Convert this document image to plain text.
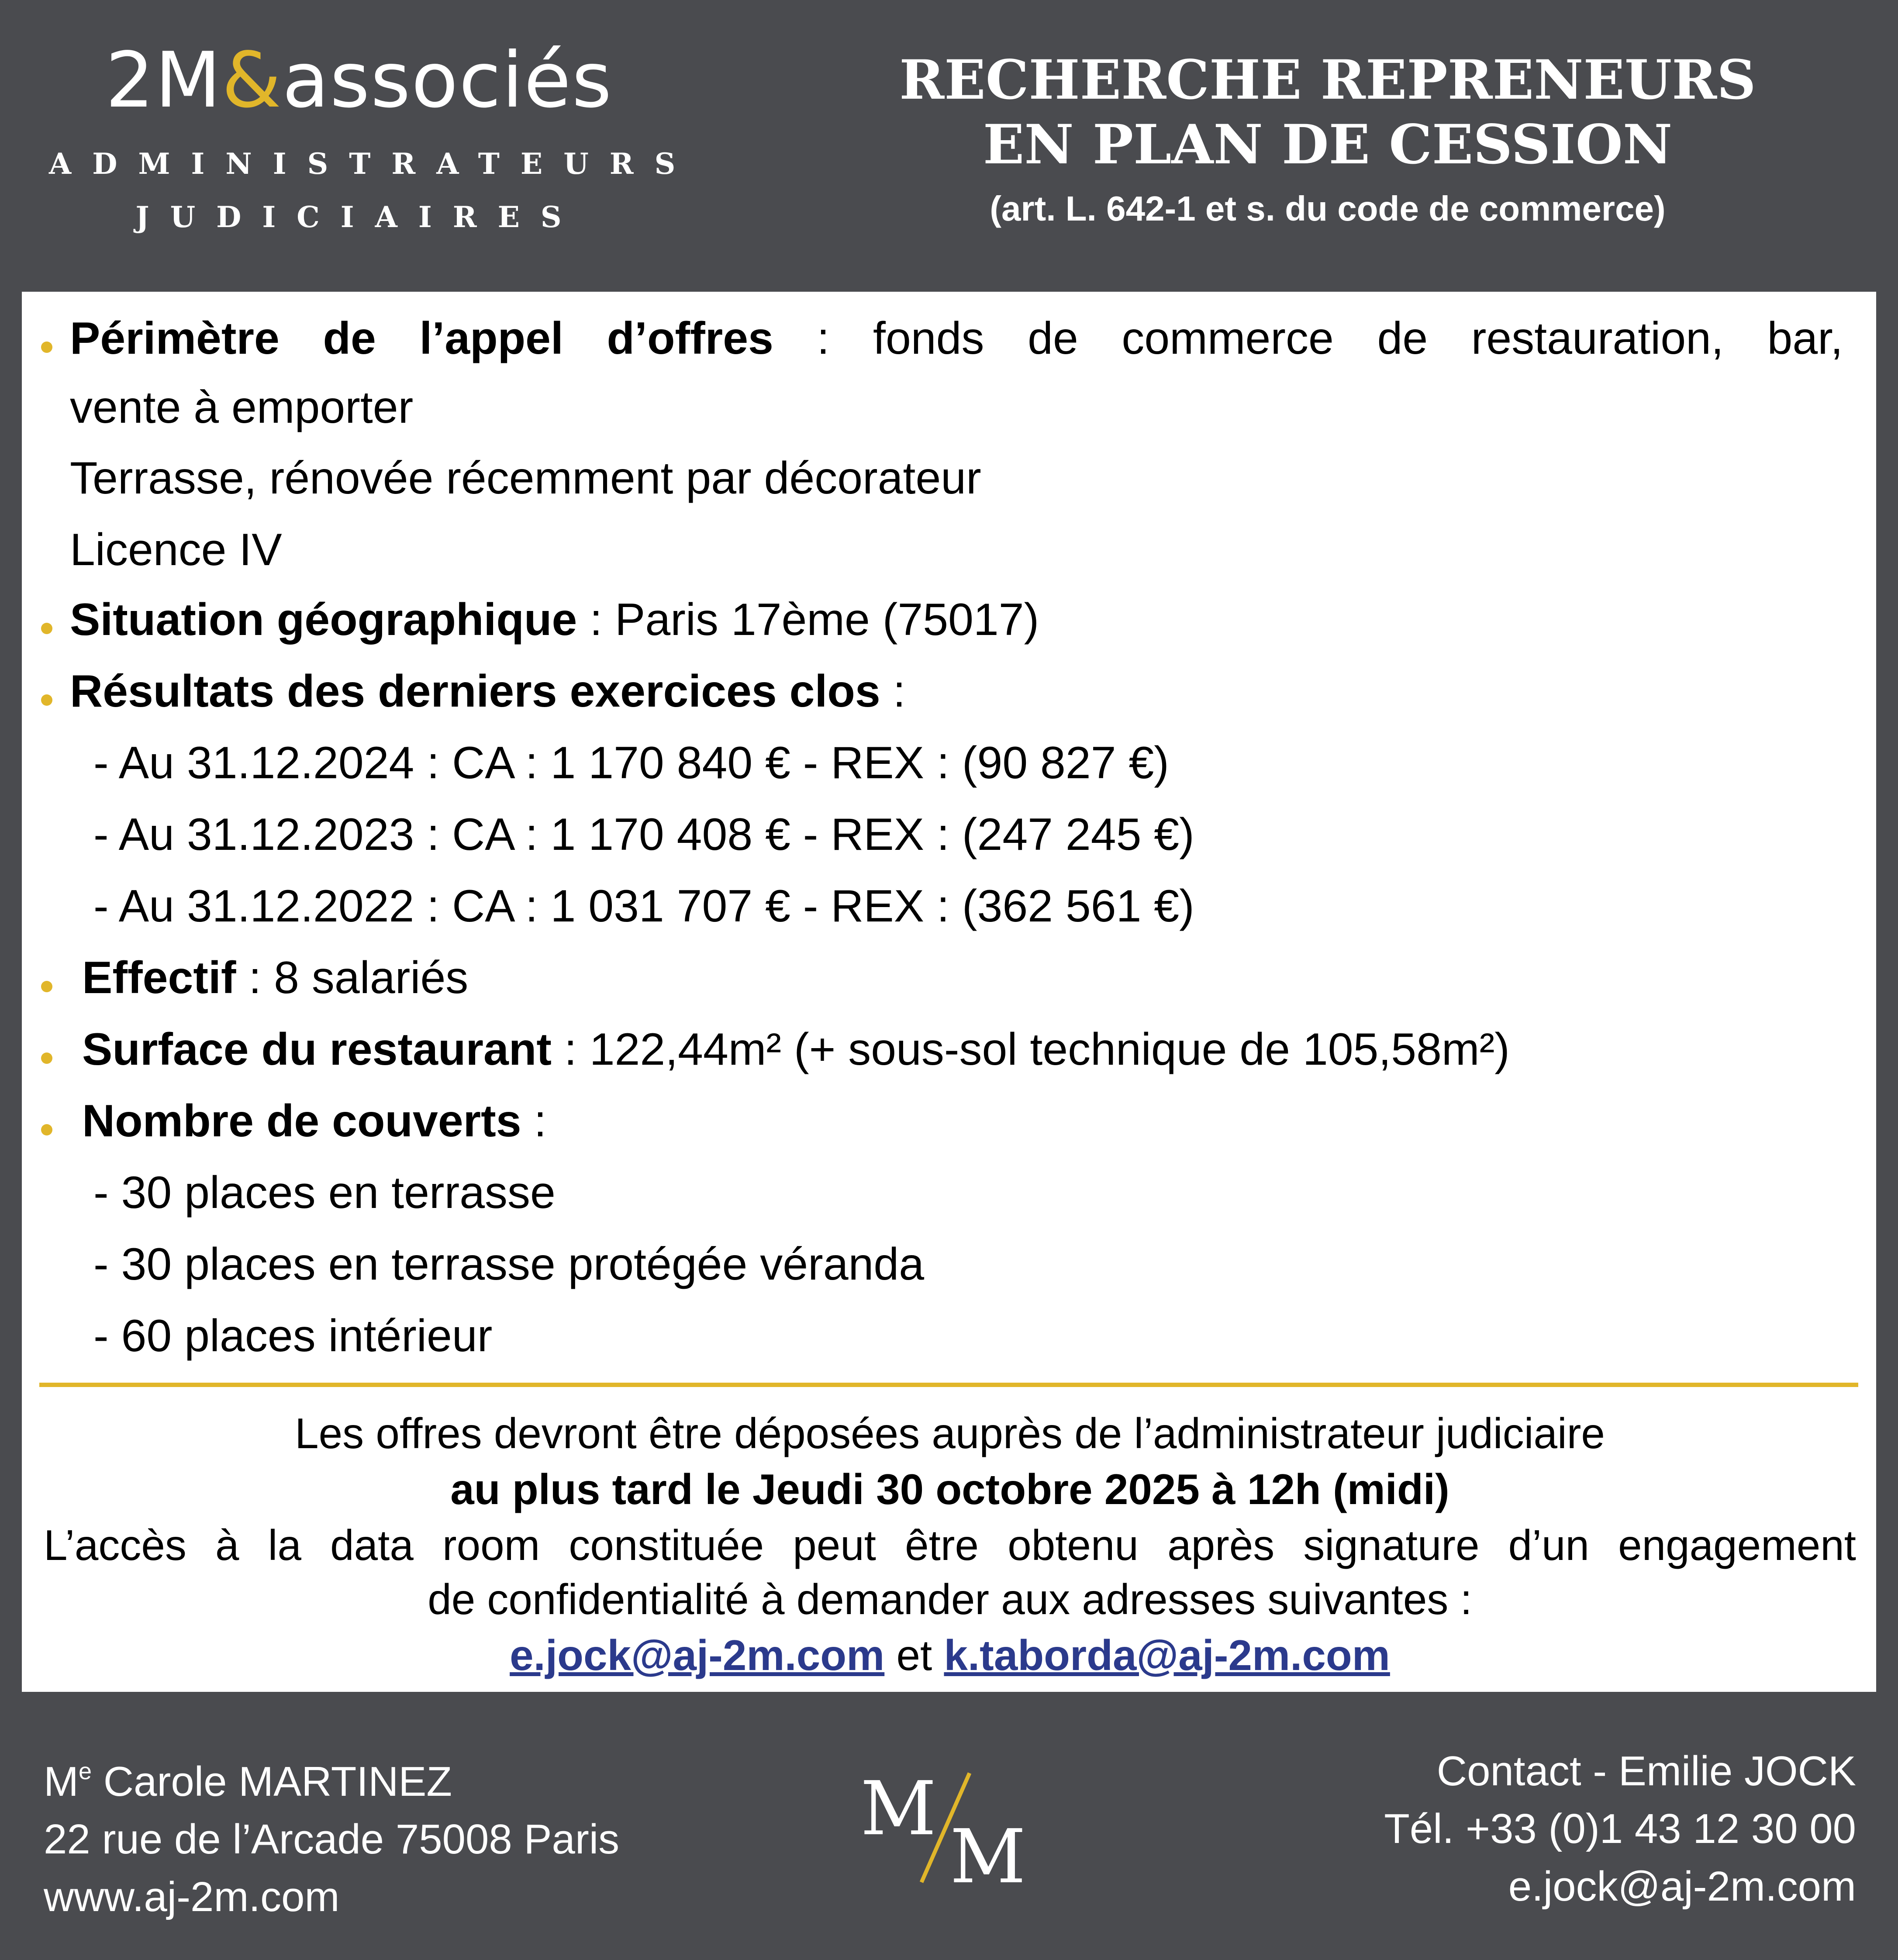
2M&associés
ADMINISTRATEURS
JUDICIAIRES
RECHERCHE REPRENEURS
EN PLAN DE CESSION
(art. L. 642-1 et s. du code de commerce)
Périmètre de l’appel d’offres : fonds de commerce de restauration, bar,
vente à emporter
Terrasse, rénovée récemment par décorateur
Licence IV
Situation géographique : Paris 17ème (75017)
Résultats des derniers exercices clos :
- Au 31.12.2024 : CA : 1 170 840 € - REX : (90 827 €)
- Au 31.12.2023 : CA : 1 170 408 € - REX : (247 245 €)
- Au 31.12.2022 : CA : 1 031 707 € - REX : (362 561 €)
Effectif : 8 salariés
Surface du restaurant : 122,44m² (+ sous-sol technique de 105,58m²)
Nombre de couverts :
- 30 places en terrasse
- 30 places en terrasse protégée véranda
- 60 places intérieur
Les offres devront être déposées auprès de l’administrateur judiciaire
au plus tard le Jeudi 30 octobre 2025 à 12h (midi)
L’accès à la data room constituée peut être obtenu après signature d’un engagement
de confidentialité à demander aux adresses suivantes :
e.jock@aj-2m.com et k.taborda@aj-2m.com
Me Carole MARTINEZ
22 rue de l’Arcade 75008 Paris
www.aj-2m.com
M
M
Contact - Emilie JOCK
Tél. +33 (0)1 43 12 30 00
e.jock@aj-2m.com
